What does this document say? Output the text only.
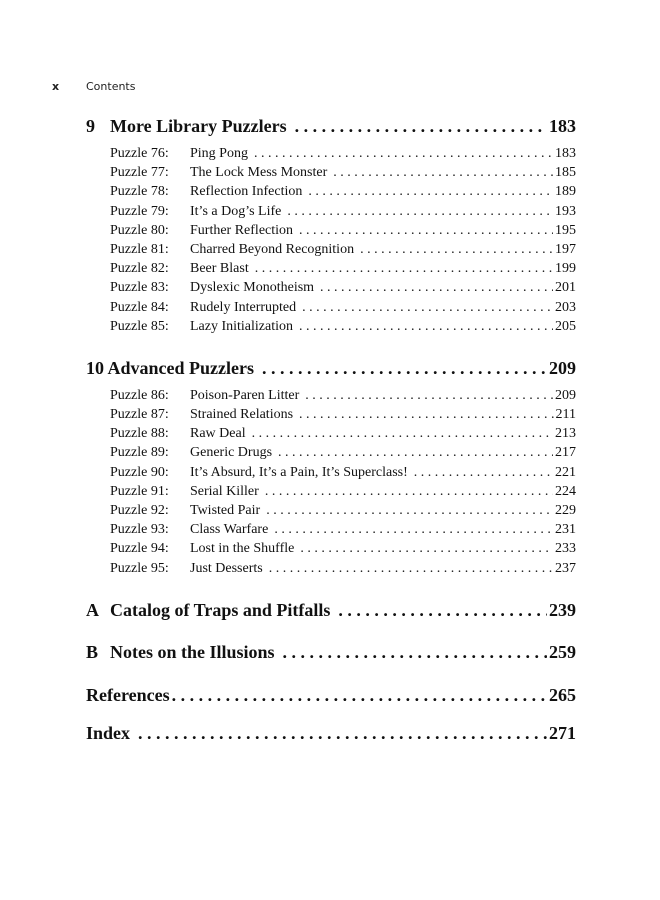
x	Contents
9 More Library Puzzlers . . .	183
Puzzle 76:	Ping Pong . . .	183
Puzzle 77:	The Lock Mess Monster . . .	185
Puzzle 78:	Reflection Infection . . .	189
Puzzle 79:	It’s a Dog’s Life . . .	193
Puzzle 80:	Further Reflection . . .	195
Puzzle 81:	Charred Beyond Recognition . . .	197
Puzzle 82:	Beer Blast . . .	199
Puzzle 83:	Dyslexic Monotheism . . .	201
Puzzle 84:	Rudely Interrupted . . .	203
Puzzle 85:	Lazy Initialization . . .	205
10 Advanced Puzzlers . . .	209
Puzzle 86:	Poison-Paren Litter . . .	209
Puzzle 87:	Strained Relations . . .	211
Puzzle 88:	Raw Deal . . .	213
Puzzle 89:	Generic Drugs . . .	217
Puzzle 90:	It’s Absurd, It’s a Pain, It’s Superclass! . . .	221
Puzzle 91:	Serial Killer . . .	224
Puzzle 92:	Twisted Pair . . .	229
Puzzle 93:	Class Warfare . . .	231
Puzzle 94:	Lost in the Shuffle . . .	233
Puzzle 95:	Just Desserts . . .	237
A Catalog of Traps and Pitfalls . . .	239
B Notes on the Illusions . . .	259
References . . .	265
Index . . .	271
